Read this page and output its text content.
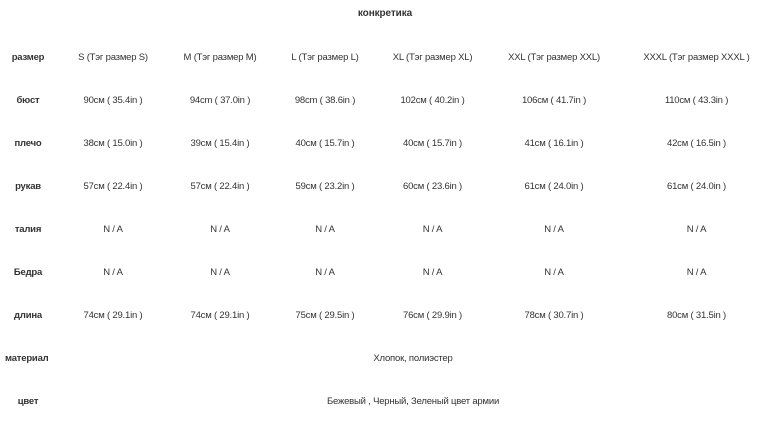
конкретика
размер	S (Тэг размер S)	M (Тэг размер M)	L (Тэг размер L)	XL (Тэг размер XL)	XXL (Тэг размер XXL)	XXXL (Тэг размер XXXL )
бюст	90см ( 35.4in )	94cm ( 37.0in )	98cm ( 38.6in )	102см ( 40.2in )	106см ( 41.7in )	110см ( 43.3in )
плечо	38см ( 15.0in )	39см ( 15.4in )	40см ( 15.7in )	40см ( 15.7in )	41см ( 16.1in )	42см ( 16.5in )
рукав	57см ( 22.4in )	57см ( 22.4in )	59см ( 23.2in )	60см ( 23.6in )	61см ( 24.0in )	61см ( 24.0in )
талия	N / A	N / A	N / A	N / A	N / A	N / A
Бедра	N / A	N / A	N / A	N / A	N / A	N / A
длина	74см ( 29.1in )	74см ( 29.1in )	75см ( 29.5in )	76см ( 29.9in )	78см ( 30.7in )	80см ( 31.5in )
материал	Хлопок, полиэстер					
цвет	Бежевый , Черный, Зеленый цвет армии					
